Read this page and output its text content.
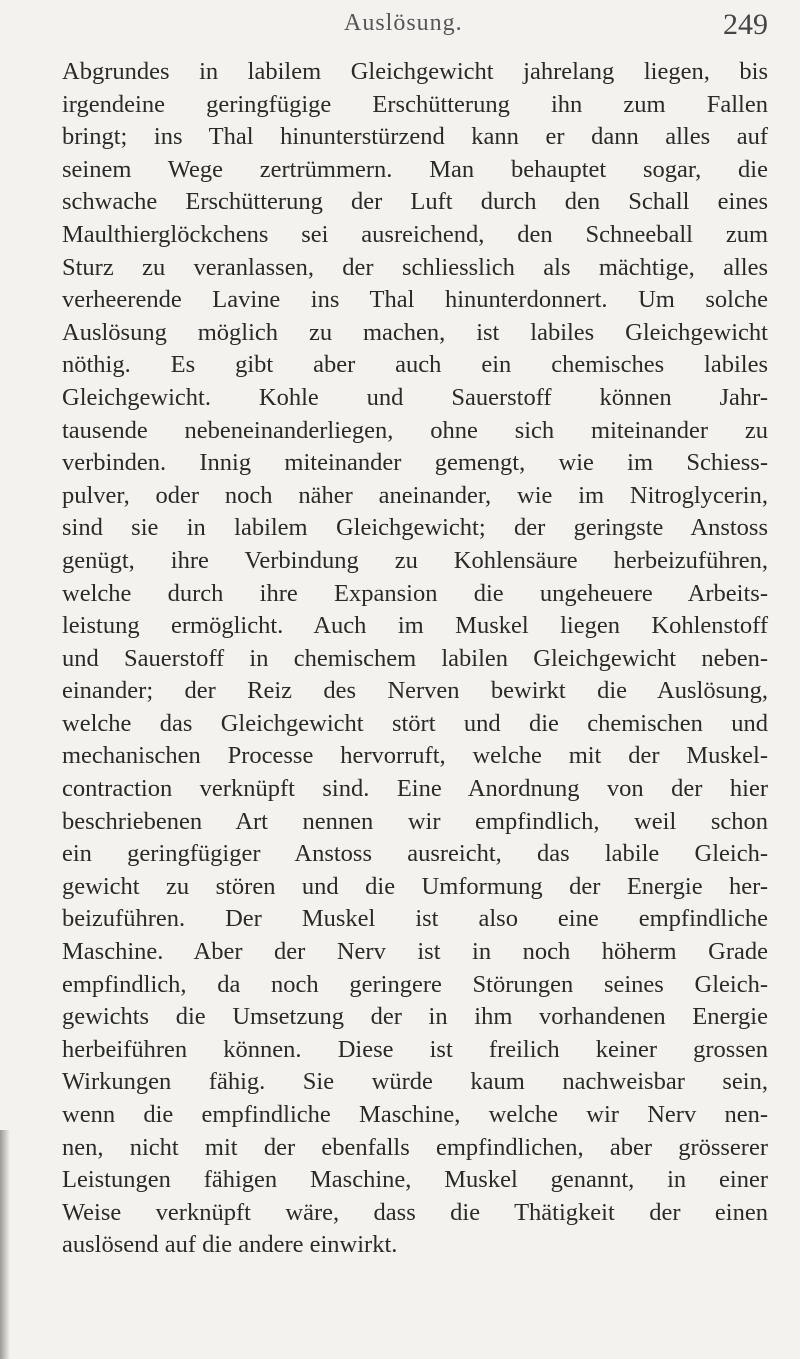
Auslösung.	249
Abgrundes in labilem Gleichgewicht jahrelang liegen, bis
irgendeine geringfügige Erschütterung ihn zum Fallen
bringt; ins Thal hinunterstürzend kann er dann alles auf
seinem Wege zertrümmern. Man behauptet sogar, die
schwache Erschütterung der Luft durch den Schall eines
Maulthierglöckchens sei ausreichend, den Schneeball zum
Sturz zu veranlassen, der schliesslich als mächtige, alles
verheerende Lavine ins Thal hinunterdonnert. Um solche
Auslösung möglich zu machen, ist labiles Gleichgewicht
nöthig. Es gibt aber auch ein chemisches labiles
Gleichgewicht. Kohle und Sauerstoff können Jahr-
tausende nebeneinanderliegen, ohne sich miteinander zu
verbinden. Innig miteinander gemengt, wie im Schiess-
pulver, oder noch näher aneinander, wie im Nitroglycerin,
sind sie in labilem Gleichgewicht; der geringste Anstoss
genügt, ihre Verbindung zu Kohlensäure herbeizuführen,
welche durch ihre Expansion die ungeheuere Arbeits-
leistung ermöglicht. Auch im Muskel liegen Kohlenstoff
und Sauerstoff in chemischem labilen Gleichgewicht neben-
einander; der Reiz des Nerven bewirkt die Auslösung,
welche das Gleichgewicht stört und die chemischen und
mechanischen Processe hervorruft, welche mit der Muskel-
contraction verknüpft sind. Eine Anordnung von der hier
beschriebenen Art nennen wir empfindlich, weil schon
ein geringfügiger Anstoss ausreicht, das labile Gleich-
gewicht zu stören und die Umformung der Energie her-
beizuführen. Der Muskel ist also eine empfindliche
Maschine. Aber der Nerv ist in noch höherm Grade
empfindlich, da noch geringere Störungen seines Gleich-
gewichts die Umsetzung der in ihm vorhandenen Energie
herbeiführen können. Diese ist freilich keiner grossen
Wirkungen fähig. Sie würde kaum nachweisbar sein,
wenn die empfindliche Maschine, welche wir Nerv nen-
nen, nicht mit der ebenfalls empfindlichen, aber grösserer
Leistungen fähigen Maschine, Muskel genannt, in einer
Weise verknüpft wäre, dass die Thätigkeit der einen
auslösend auf die andere einwirkt.
